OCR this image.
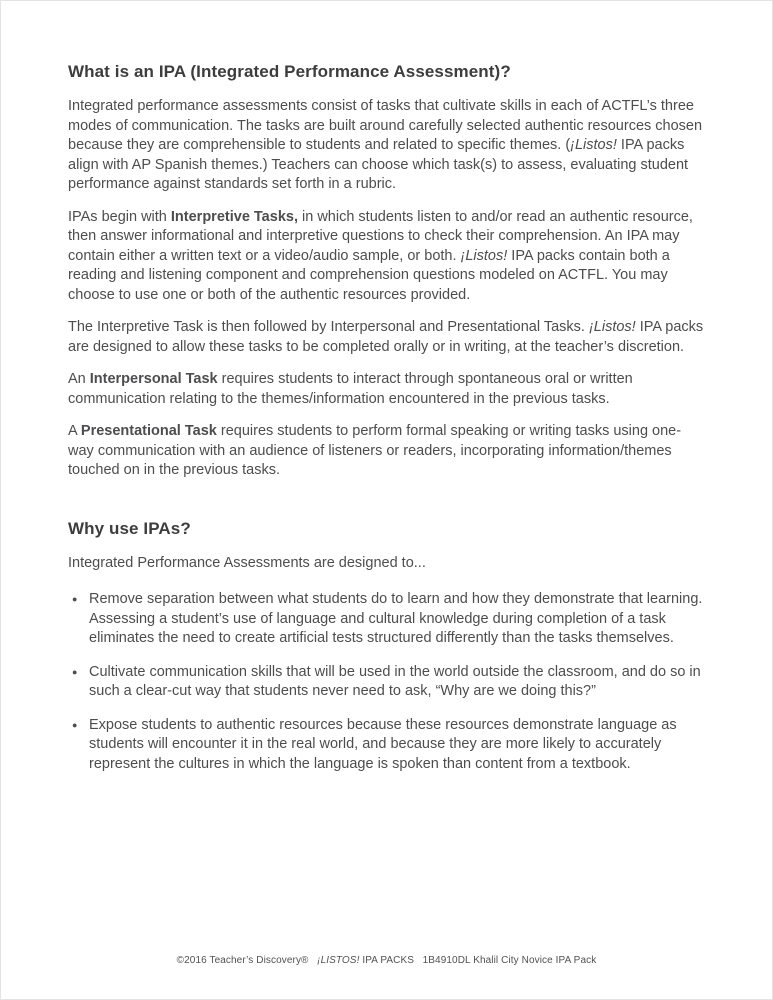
What is an IPA (Integrated Performance Assessment)?

Integrated performance assessments consist of tasks that cultivate skills in each of ACTFL’s three modes of communication. The tasks are built around carefully selected authentic resources chosen because they are comprehensible to students and related to specific themes. (¡Listos! IPA packs align with AP Spanish themes.) Teachers can choose which task(s) to assess, evaluating student performance against standards set forth in a rubric.

IPAs begin with Interpretive Tasks, in which students listen to and/or read an authentic resource, then answer informational and interpretive questions to check their comprehension. An IPA may contain either a written text or a video/audio sample, or both. ¡Listos! IPA packs contain both a reading and listening component and comprehension questions modeled on ACTFL. You may choose to use one or both of the authentic resources provided.

The Interpretive Task is then followed by Interpersonal and Presentational Tasks. ¡Listos! IPA packs are designed to allow these tasks to be completed orally or in writing, at the teacher’s discretion.

An Interpersonal Task requires students to interact through spontaneous oral or written communication relating to the themes/information encountered in the previous tasks.

A Presentational Task requires students to perform formal speaking or writing tasks using one-way communication with an audience of listeners or readers, incorporating information/themes touched on in the previous tasks.

Why use IPAs?

Integrated Performance Assessments are designed to...

● Remove separation between what students do to learn and how they demonstrate that learning. Assessing a student’s use of language and cultural knowledge during completion of a task eliminates the need to create artificial tests structured differently than the tasks themselves.
● Cultivate communication skills that will be used in the world outside the classroom, and do so in such a clear-cut way that students never need to ask, “Why are we doing this?”
● Expose students to authentic resources because these resources demonstrate language as students will encounter it in the real world, and because they are more likely to accurately represent the cultures in which the language is spoken than content from a textbook.
©2016 Teacher’s Discovery®   ¡LISTOS! IPA PACKS   1B4910DL Khalil City Novice IPA Pack
